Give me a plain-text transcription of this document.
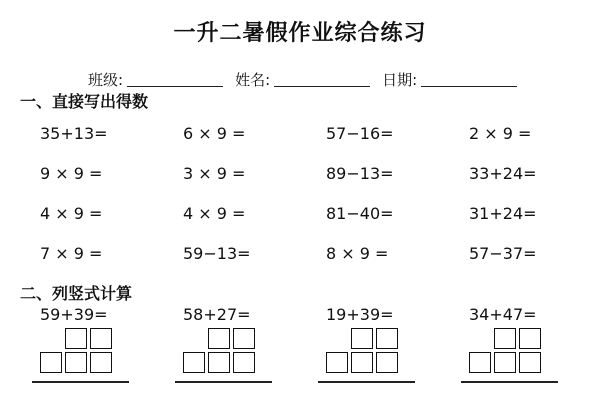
一升二暑假作业综合练习
班级:	姓名:	日期:
一、直接写出得数
35+13=	6 × 9 =	57−16=	2 × 9 =
9 × 9 =	3 × 9 =	89−13=	33+24=
4 × 9 =	4 × 9 =	81−40=	31+24=
7 × 9 =	59−13=	8 × 9 =	57−37=
二、列竖式计算
59+39=	58+27=	19+39=	34+47=
